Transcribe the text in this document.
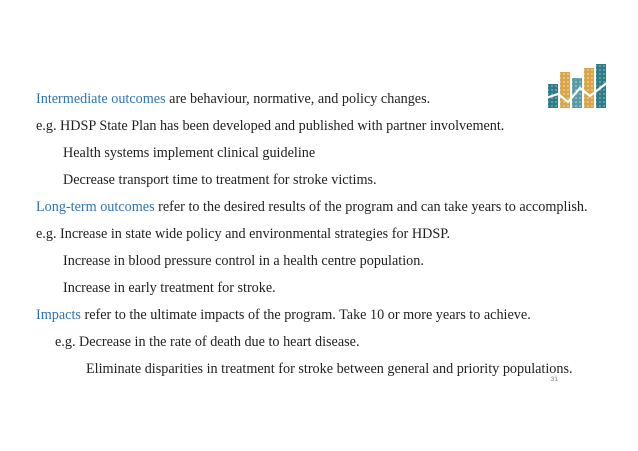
Intermediate outcomes are behaviour, normative, and policy changes.
e.g. HDSP State Plan has been developed and published with partner involvement.
Health systems implement clinical guideline
Decrease transport time to treatment for stroke victims.
Long-term outcomes refer to the desired results of the program and can take years to accomplish.
e.g. Increase in state wide policy and environmental strategies for HDSP.
Increase in blood pressure control in a health centre population.
Increase in early treatment for stroke.
Impacts refer to the ultimate impacts of the program. Take 10 or more years to achieve.
e.g. Decrease in the rate of death due to heart disease.
Eliminate disparities in treatment for stroke between general and priority populations.
31
